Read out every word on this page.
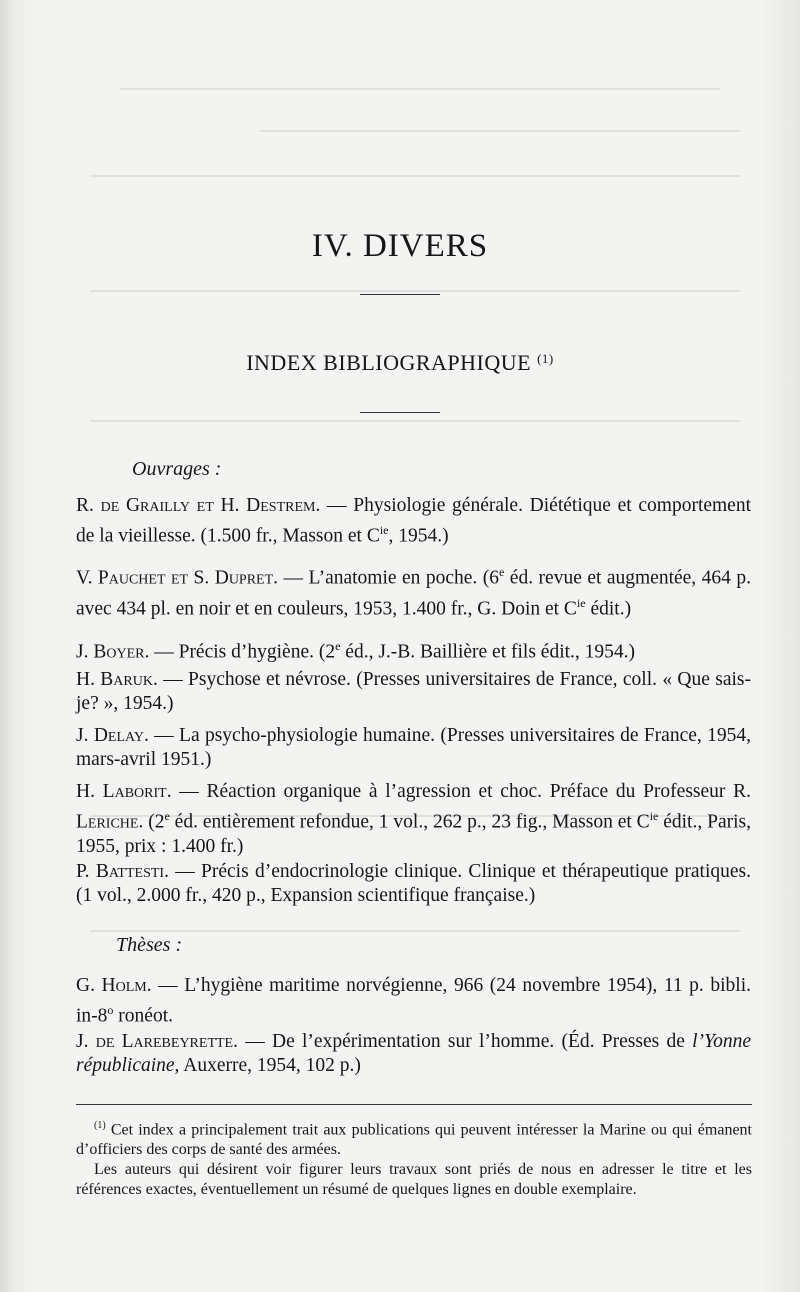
IV. DIVERS
INDEX BIBLIOGRAPHIQUE $^{(1)}$
Ouvrages :
R. de Grailly et H. Destrem. — Physiologie générale. Diététique et comportement de la vieillesse. (1.500 fr., Masson et $C^{ie}$, 1954.)
V. Pauchet et S. Dupret. — L’anatomie en poche. (6e éd. revue et augmentée, 464 p. avec 434 pl. en noir et en couleurs, 1953, 1.400 fr., G. Doin et $C^{ie}$ édit.)
J. Boyer. — Précis d’hygiène. (2e éd., J.-B. Baillière et fils édit., 1954.)
H. Baruk. — Psychose et névrose. (Presses universitaires de France, coll. « Que sais-je? », 1954.)
J. Delay. — La psycho-physiologie humaine. (Presses universitaires de France, 1954, mars-avril 1951.)
H. Laborit. — Réaction organique à l’agression et choc. Préface du Professeur R. Leriche. (2e éd. entièrement refondue, 1 vol., 262 p., 23 fig., Masson et $C^{ie}$ édit., Paris, 1955, prix : 1.400 fr.)
P. Battesti. — Précis d’endocrinologie clinique. Clinique et thérapeutique pratiques. (1 vol., 2.000 fr., 420 p., Expansion scientifique française.)
Thèses :
G. Holm. — L’hygiène maritime norvégienne, 966 (24 novembre 1954), 11 p. bibli. in-8$^o$ ronéot.
J. de Larebeyrette. — De l’expérimentation sur l’homme. (Éd. Presses de l’Yonne républicaine, Auxerre, 1954, 102 p.)

$^{(1)}$ Cet index a principalement trait aux publications qui peuvent intéresser la Marine ou qui émanent d’officiers des corps de santé des armées.

Les auteurs qui désirent voir figurer leurs travaux sont priés de nous en adresser le titre et les références exactes, éventuellement un résumé de quelques lignes en double exemplaire.
